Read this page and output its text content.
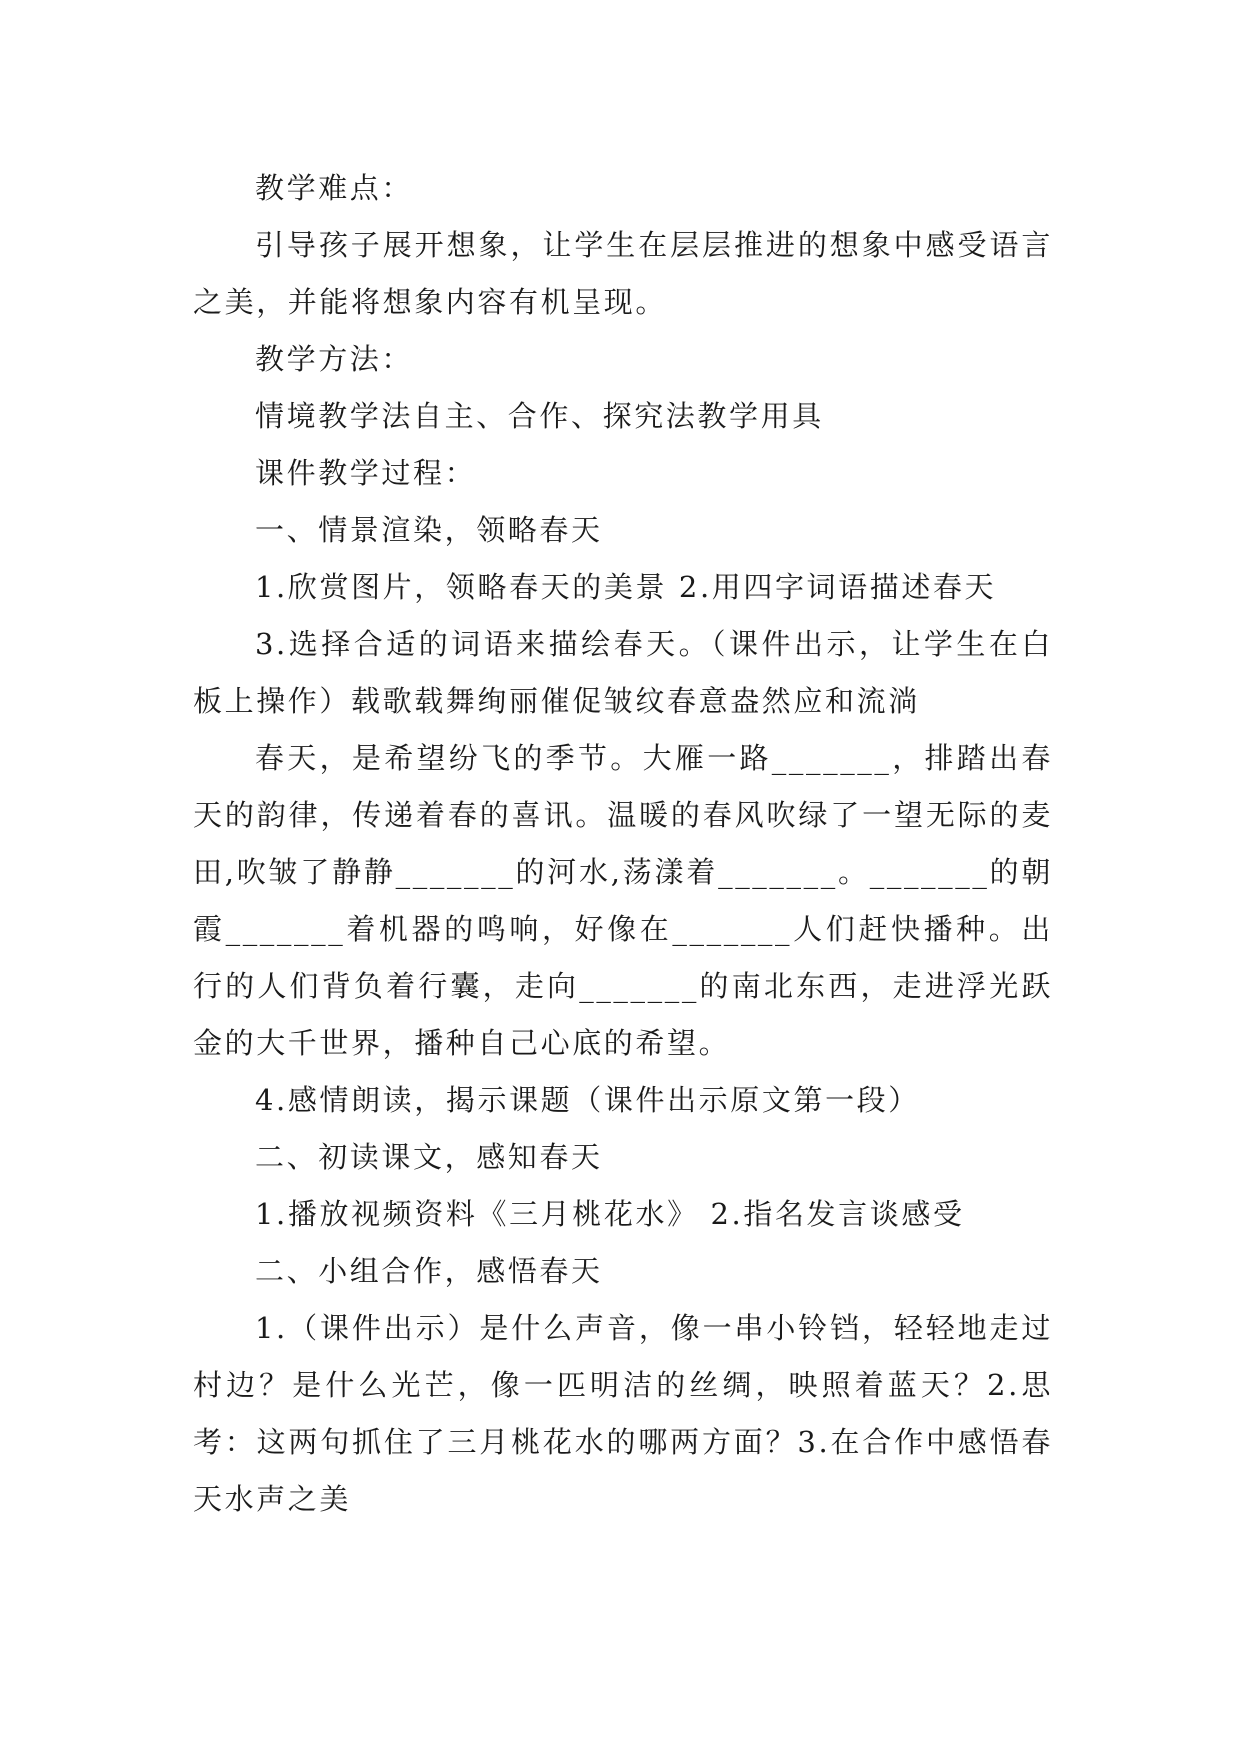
教学难点：

引导孩子展开想象，让学生在层层推进的想象中感受语言之美，并能将想象内容有机呈现。

教学方法：

情境教学法自主、合作、探究法教学用具

课件教学过程：

一、情景渲染，领略春天

1.欣赏图片，领略春天的美景 2.用四字词语描述春天

3.选择合适的词语来描绘春天。（课件出示，让学生在白板上操作）载歌载舞绚丽催促皱纹春意盎然应和流淌

春天，是希望纷飞的季节。大雁一路_______，排踏出春天的韵律，传递着春的喜讯。温暖的春风吹绿了一望无际的麦田,吹皱了静静_______的河水,荡漾着_______。_______的朝霞_______着机器的鸣响，好像在_______人们赶快播种。出行的人们背负着行囊，走向_______的南北东西，走进浮光跃金的大千世界，播种自己心底的希望。

4.感情朗读，揭示课题（课件出示原文第一段）

二、初读课文，感知春天

1.播放视频资料《三月桃花水》 2.指名发言谈感受

二、小组合作，感悟春天

1.（课件出示）是什么声音，像一串小铃铛，轻轻地走过村边？是什么光芒，像一匹明洁的丝绸，映照着蓝天？2.思考：这两句抓住了三月桃花水的哪两方面？3.在合作中感悟春天水声之美
